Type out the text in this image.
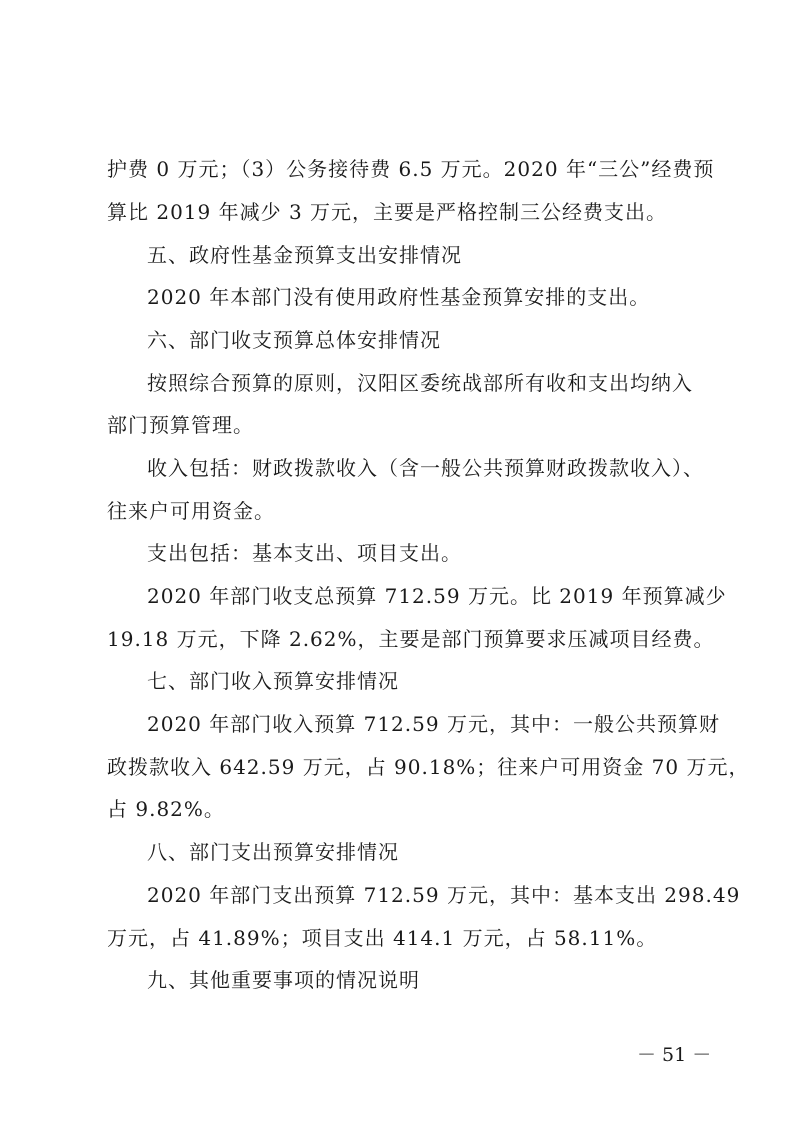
护费 0 万元；（3）公务接待费 6.5 万元。2020 年“三公”经费预
算比 2019 年减少 3 万元，主要是严格控制三公经费支出。
五、政府性基金预算支出安排情况
2020 年本部门没有使用政府性基金预算安排的支出。
六、部门收支预算总体安排情况
按照综合预算的原则，汉阳区委统战部所有收和支出均纳入
部门预算管理。
收入包括：财政拨款收入（含一般公共预算财政拨款收入）、
往来户可用资金。
支出包括：基本支出、项目支出。
2020 年部门收支总预算 712.59 万元。比 2019 年预算减少
19.18 万元，下降 2.62%，主要是部门预算要求压减项目经费。
七、部门收入预算安排情况
2020 年部门收入预算 712.59 万元，其中：一般公共预算财
政拨款收入 642.59 万元，占 90.18%；往来户可用资金 70 万元，
占 9.82%。
八、部门支出预算安排情况
2020 年部门支出预算 712.59 万元，其中：基本支出 298.49
万元，占 41.89%；项目支出 414.1 万元，占 58.11%。
九、其他重要事项的情况说明
－ 51 －
